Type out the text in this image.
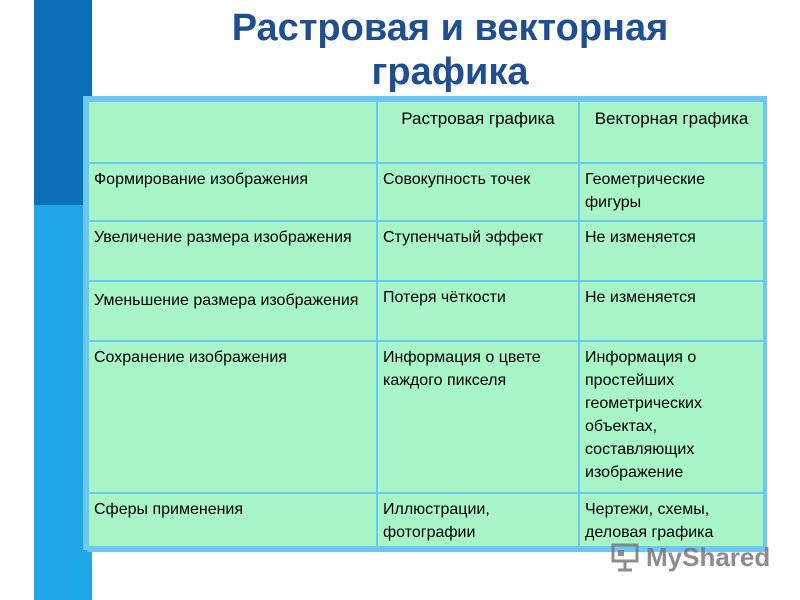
Растровая и векторная графика
	Растровая графика	Векторная графика
Формирование изображения	Совокупность точек	Геометрические фигуры
Увеличение размера изображения	Ступенчатый эффект	Не изменяется
Уменьшение размера изображения	Потеря чёткости	Не изменяется
Сохранение изображения	Информация о цвете каждого пикселя	Информация о простейших геометрических объектах, составляющих изображение
Сферы применения	Иллюстрации, фотографии	Чертежи, схемы, деловая графика
MyShared
